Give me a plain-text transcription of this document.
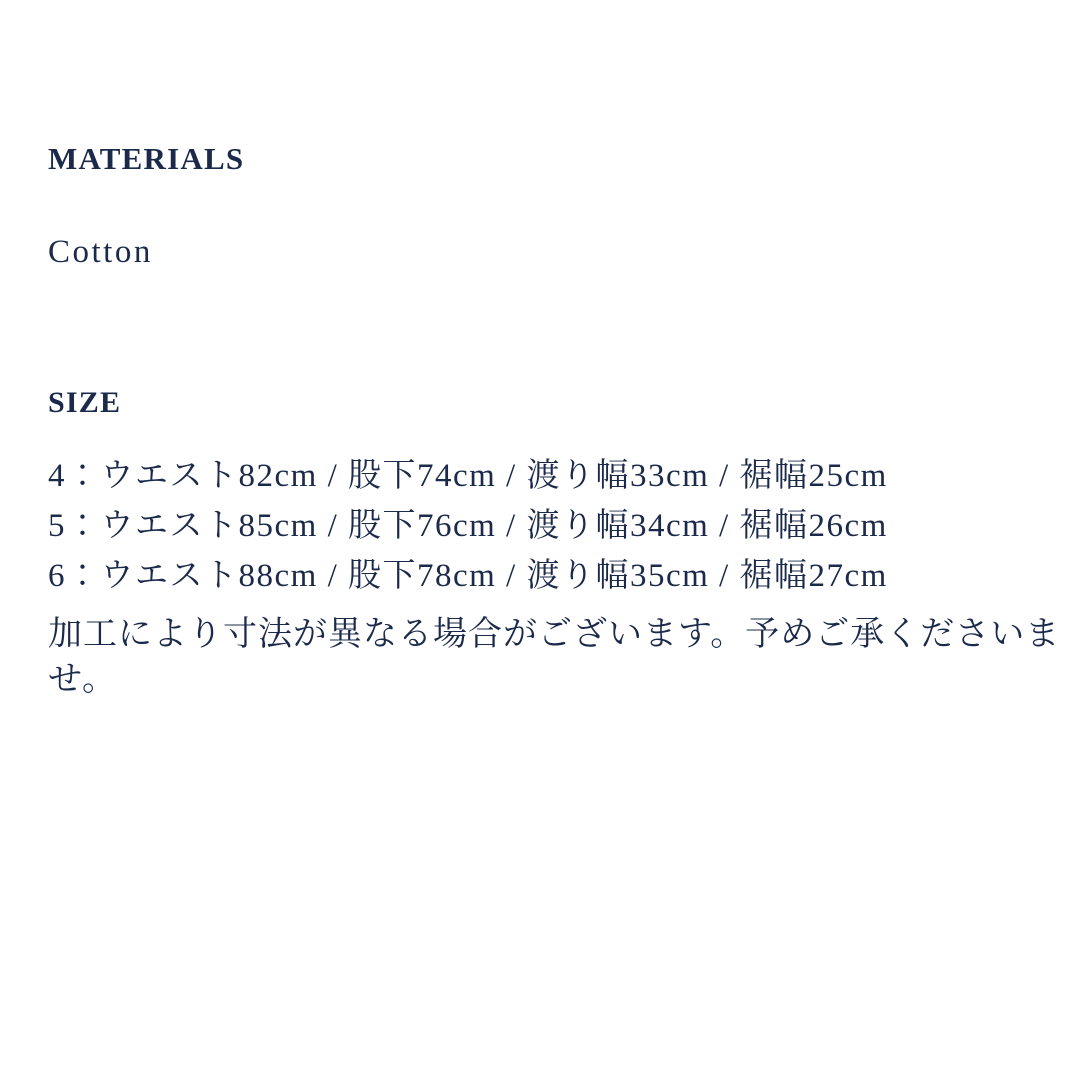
MATERIALS

Cotton

SIZE
4：ウエスト82cm / 股下74cm / 渡り幅33cm / 裾幅25cm
5：ウエスト85cm / 股下76cm / 渡り幅34cm / 裾幅26cm
6：ウエスト88cm / 股下78cm / 渡り幅35cm / 裾幅27cm

加工により寸法が異なる場合がございます。予めご承くださいませ。
